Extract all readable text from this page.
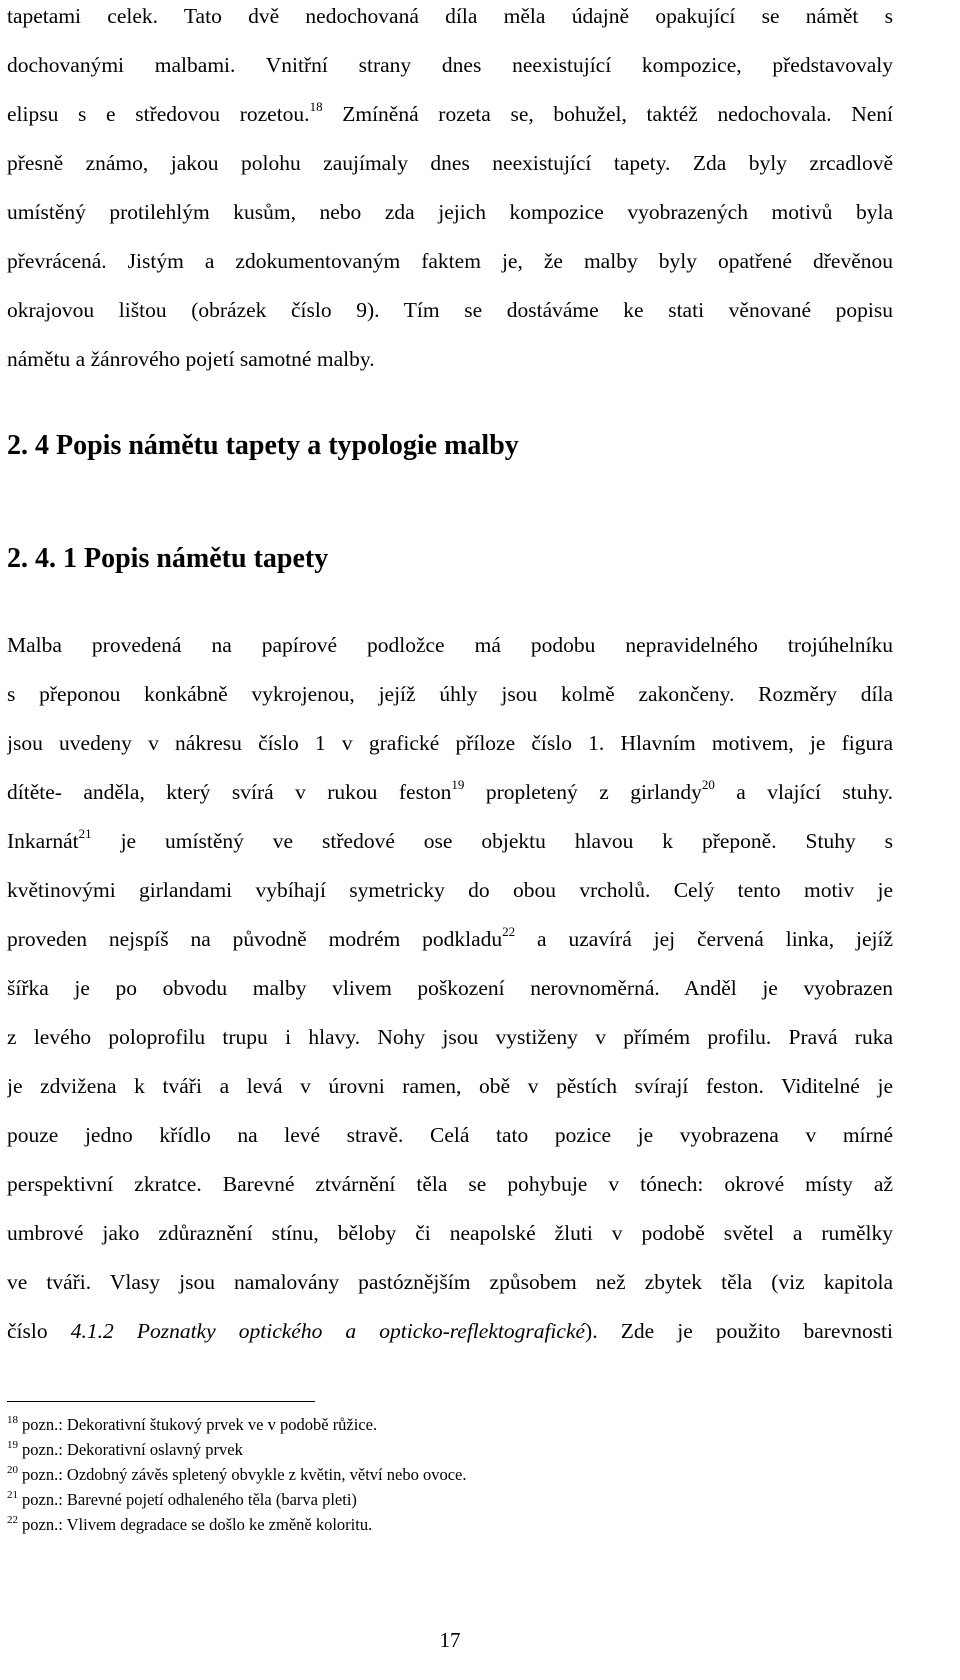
tapetami celek. Tato dvě nedochovaná díla měla údajně opakující se námět s
dochovanými malbami. Vnitřní strany dnes neexistující kompozice, představovaly
elipsu s e středovou rozetou.$^{18}$ Zmíněná rozeta se, bohužel, taktéž nedochovala. Není
přesně známo, jakou polohu zaujímaly dnes neexistující tapety. Zda byly zrcadlově
umístěný protilehlým kusům, nebo zda jejich kompozice vyobrazených motivů byla
převrácená. Jistým a zdokumentovaným faktem je, že malby byly opatřené dřevěnou
okrajovou lištou (obrázek číslo 9). Tím se dostáváme ke stati věnované popisu
námětu a žánrového pojetí samotné malby.

2. 4 Popis námětu tapety a typologie malby
2. 4. 1 Popis námětu tapety

Malba provedená na papírové podložce má podobu nepravidelného trojúhelníku
s přeponou konkábně vykrojenou, jejíž úhly jsou kolmě zakončeny. Rozměry díla
jsou uvedeny v nákresu číslo 1 v grafické příloze číslo 1. Hlavním motivem, je figura
dítěte- anděla, který svírá v rukou feston$^{19}$ propletený z girlandy$^{20}$ a vlající stuhy.
Inkarnát$^{21}$ je umístěný ve středové ose objektu hlavou k přeponě. Stuhy s
květinovými girlandami vybíhají symetricky do obou vrcholů. Celý tento motiv je
proveden nejspíš na původně modrém podkladu$^{22}$ a uzavírá jej červená linka, jejíž
šířka je po obvodu malby vlivem poškození nerovnoměrná. Anděl je vyobrazen
z levého poloprofilu trupu i hlavy. Nohy jsou vystiženy v přímém profilu. Pravá ruka
je zdvižena k tváři a levá v úrovni ramen, obě v pěstích svírají feston. Viditelné je
pouze jedno křídlo na levé stravě. Celá tato pozice je vyobrazena v mírné
perspektivní zkratce. Barevné ztvárnění těla se pohybuje v tónech: okrové místy až
umbrové jako zdůraznění stínu, běloby či neapolské žluti v podobě světel a rumělky
ve tváři. Vlasy jsou namalovány pastóznějším způsobem než zbytek těla (viz kapitola
číslo 4.1.2 Poznatky optického a opticko-reflektografické). Zde je použito barevnosti

$^{18}$ pozn.: Dekorativní štukový prvek ve v podobě růžice.
$^{19}$ pozn.: Dekorativní oslavný prvek
$^{20}$ pozn.: Ozdobný závěs spletený obvykle z květin, větví nebo ovoce.
$^{21}$ pozn.: Barevné pojetí odhaleného těla (barva pleti)
$^{22}$ pozn.: Vlivem degradace se došlo ke změně koloritu.
17
